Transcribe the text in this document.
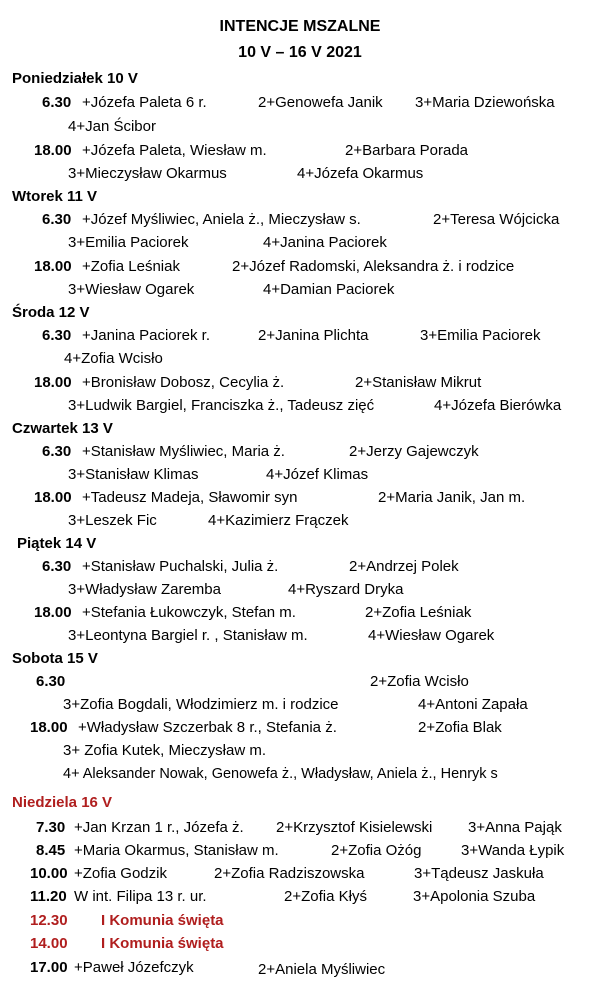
INTENCJE MSZALNE
10 V – 16 V 2021
Poniedziałek 10 V
6.30 +Józefa Paleta 6 r.	2+Genowefa Janik 3+Maria Dziewońska
4+Jan Ścibor
18.00 +Józefa Paleta, Wiesław m.	2+Barbara Porada
3+Mieczysław Okarmus	4+Józefa Okarmus
Wtorek 11 V
6.30 +Józef Myśliwiec, Aniela ż., Mieczysław s.	2+Teresa Wójcicka
3+Emilia Paciorek	4+Janina Paciorek
18.00 +Zofia Leśniak	2+Józef Radomski, Aleksandra ż. i rodzice
3+Wiesław Ogarek	4+Damian Paciorek
Środa 12 V
6.30 +Janina Paciorek r.	2+Janina Plichta	3+Emilia Paciorek
4+Zofia Wcisło
18.00 +Bronisław Dobosz, Cecylia ż.	2+Stanisław Mikrut
3+Ludwik Bargiel, Franciszka ż., Tadeusz zięć	4+Józefa Bierówka
Czwartek 13 V
6.30 +Stanisław Myśliwiec, Maria ż.	2+Jerzy Gajewczyk
3+Stanisław Klimas	4+Józef Klimas
18.00 +Tadeusz Madeja, Sławomir syn	2+Maria Janik, Jan m.
3+Leszek Fic	4+Kazimierz Frączek
Piątek 14 V
6.30 +Stanisław Puchalski, Julia ż.	2+Andrzej Polek
3+Władysław Zaremba	4+Ryszard Dryka
18.00 +Stefania Łukowczyk, Stefan m.	2+Zofia Leśniak
3+Leontyna Bargiel r. , Stanisław m.	4+Wiesław Ogarek
Sobota 15 V
6.30	2+Zofia Wcisło
3+Zofia Bogdali, Włodzimierz m. i rodzice	4+Antoni Zapała
18.00 +Władysław Szczerbak 8 r., Stefania ż.	2+Zofia Blak
3+ Zofia Kutek, Mieczysław m.
4+ Aleksander Nowak, Genowefa ż., Władysław, Aniela ż., Henryk s
Niedziela 16 V
7.30 +Jan Krzan 1 r., Józefa ż. 2+Krzysztof Kisielewski 3+Anna Pająk
8.45 +Maria Okarmus, Stanisław m.	2+Zofia Ożóg	3+Wanda Łypik
10.00 +Zofia Godzik	2+Zofia Radziszowska	3+Tądeusz Jaskuła
11.20 W int. Filipa 13 r. ur.	2+Zofia Kłyś	3+Apolonia Szuba
12.30 I Komunia święta
14.00 I Komunia święta
17.00 +Paweł Józefczyk	2+Aniela Myśliwiec
